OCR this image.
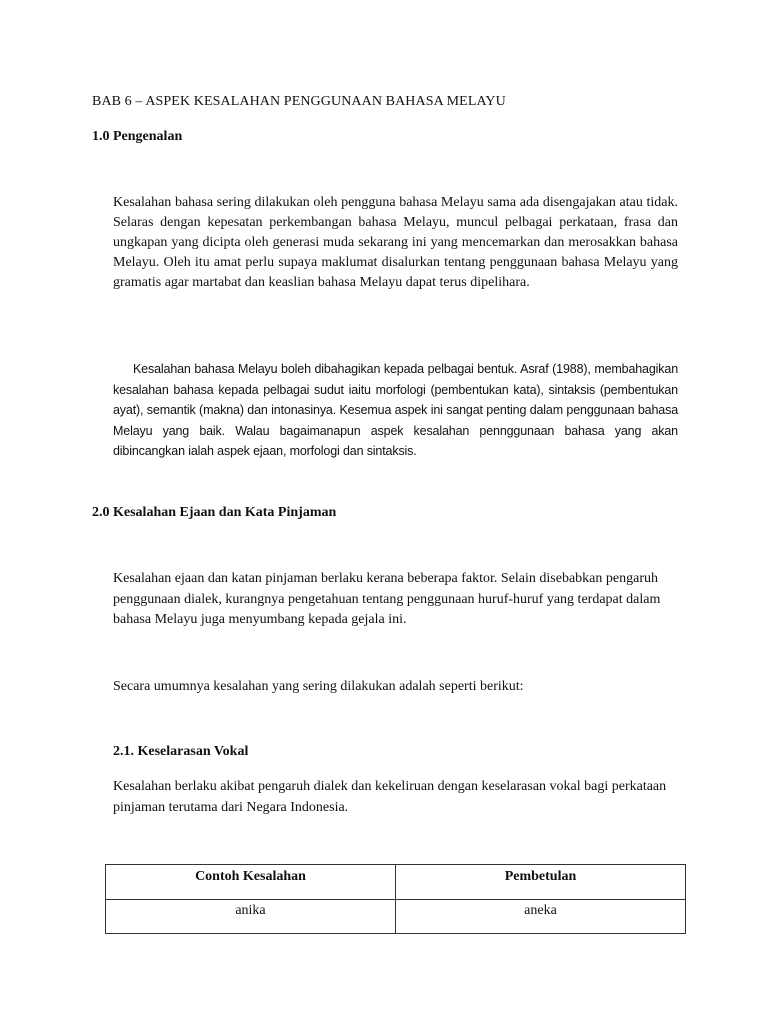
BAB 6 – ASPEK KESALAHAN PENGGUNAAN BAHASA MELAYU
1.0 Pengenalan

Kesalahan bahasa sering dilakukan oleh pengguna bahasa Melayu sama ada disengajakan atau tidak. Selaras dengan kepesatan perkembangan bahasa Melayu, muncul pelbagai perkataan, frasa dan ungkapan yang dicipta oleh generasi muda sekarang ini yang mencemarkan dan merosakkan bahasa Melayu. Oleh itu amat perlu supaya maklumat disalurkan tentang penggunaan bahasa Melayu yang gramatis agar martabat dan keaslian bahasa Melayu dapat terus dipelihara.

Kesalahan bahasa Melayu boleh dibahagikan kepada pelbagai bentuk. Asraf (1988), membahagikan kesalahan bahasa kepada pelbagai sudut iaitu morfologi (pembentukan kata), sintaksis (pembentukan ayat), semantik (makna) dan intonasinya. Kesemua aspek ini sangat penting dalam penggunaan bahasa Melayu yang baik. Walau bagaimanapun aspek kesalahan pennggunaan bahasa yang akan dibincangkan ialah aspek ejaan, morfologi dan sintaksis.

2.0 Kesalahan Ejaan dan Kata Pinjaman

Kesalahan ejaan dan katan pinjaman berlaku kerana beberapa faktor. Selain disebabkan pengaruh penggunaan dialek, kurangnya pengetahuan tentang penggunaan huruf-huruf yang terdapat dalam bahasa Melayu juga menyumbang kepada gejala ini.

Secara umumnya kesalahan yang sering dilakukan adalah seperti berikut:

2.1. Keselarasan Vokal

Kesalahan berlaku akibat pengaruh dialek dan kekeliruan dengan keselarasan vokal bagi perkataan pinjaman terutama dari Negara Indonesia.

Contoh Kesalahan	Pembetulan
anika	aneka
